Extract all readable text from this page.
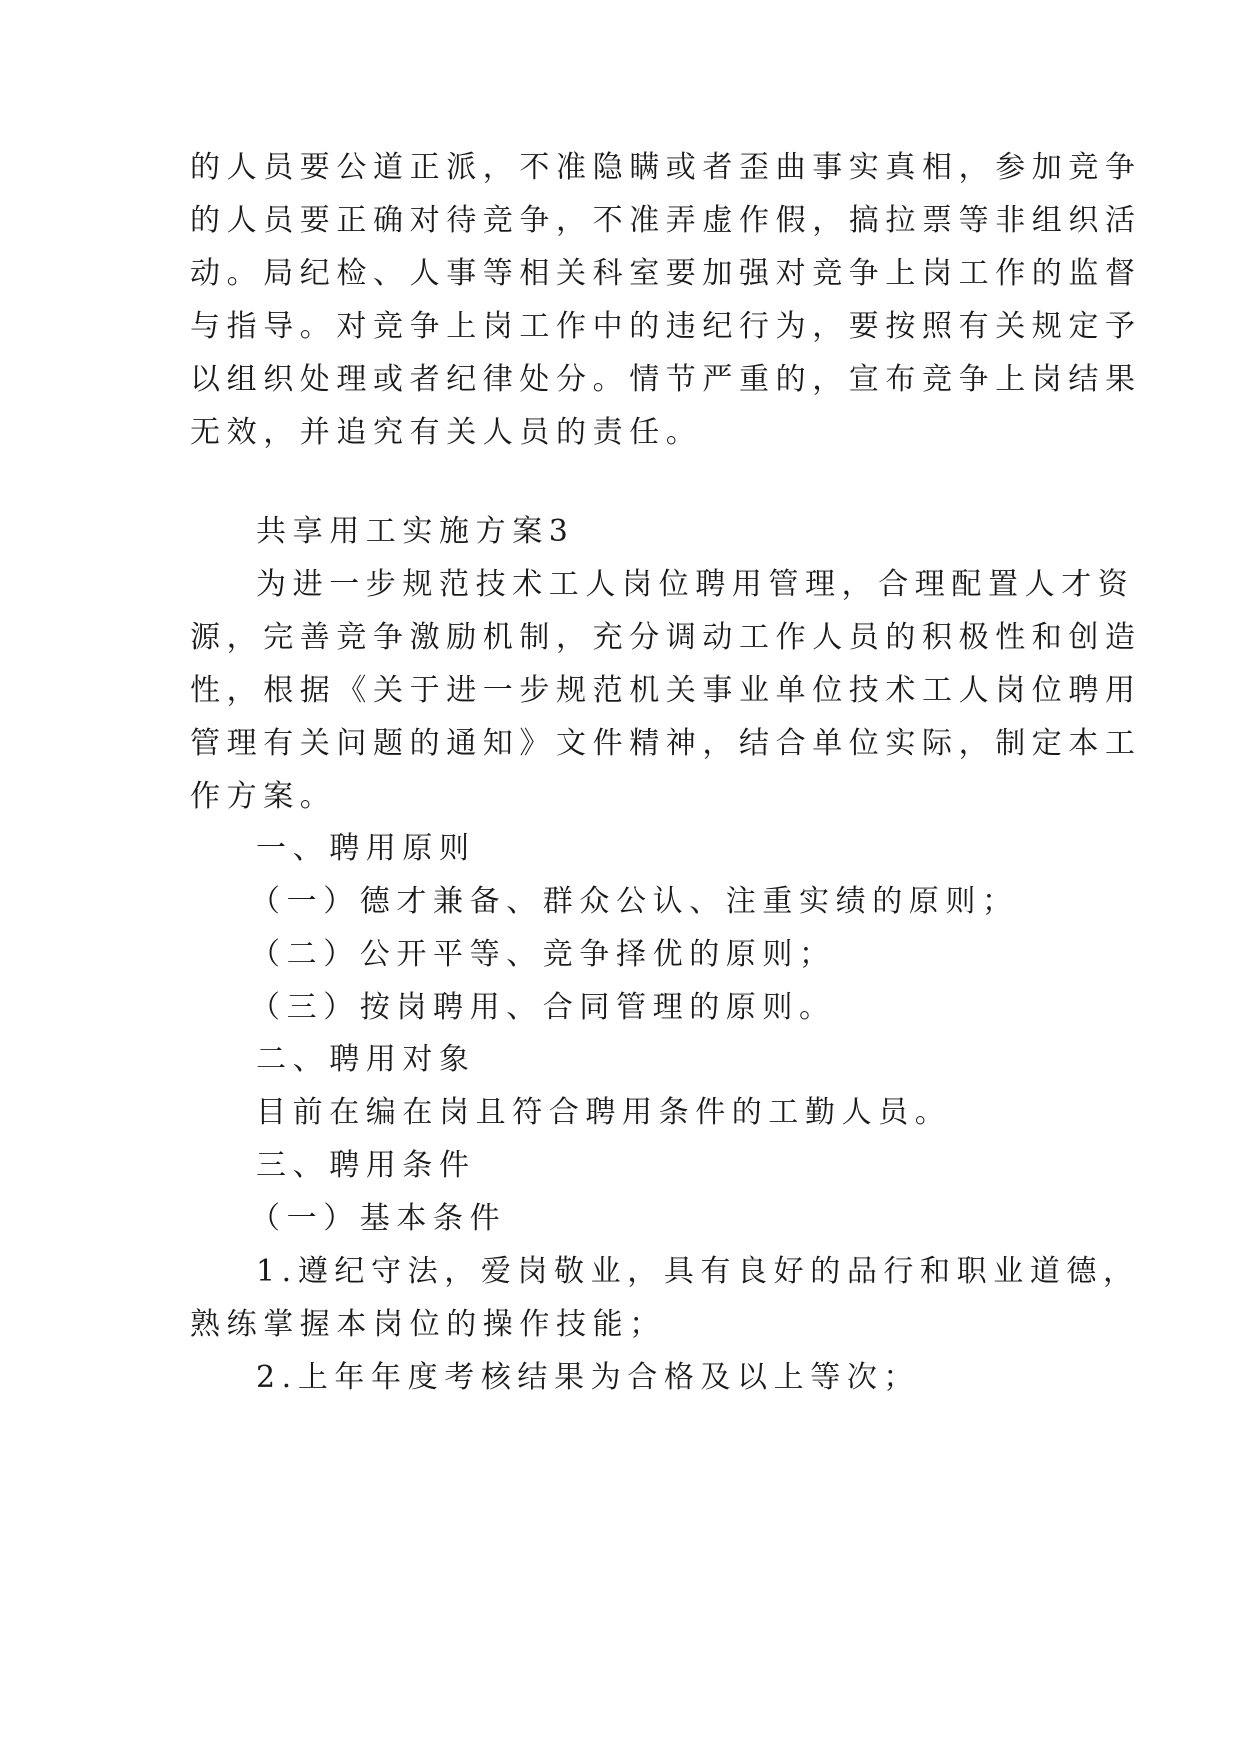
的人员要公道正派，不准隐瞒或者歪曲事实真相，参加竞争
的人员要正确对待竞争，不准弄虚作假，搞拉票等非组织活
动。局纪检、人事等相关科室要加强对竞争上岗工作的监督
与指导。对竞争上岗工作中的违纪行为，要按照有关规定予
以组织处理或者纪律处分。情节严重的，宣布竞争上岗结果
无效，并追究有关人员的责任。
共享用工实施方案3
为进一步规范技术工人岗位聘用管理，合理配置人才资
源，完善竞争激励机制，充分调动工作人员的积极性和创造
性，根据《关于进一步规范机关事业单位技术工人岗位聘用
管理有关问题的通知》文件精神，结合单位实际，制定本工
作方案。
一、聘用原则
（一）德才兼备、群众公认、注重实绩的原则；
（二）公开平等、竞争择优的原则；
（三）按岗聘用、合同管理的原则。
二、聘用对象
目前在编在岗且符合聘用条件的工勤人员。
三、聘用条件
（一）基本条件
1.遵纪守法，爱岗敬业，具有良好的品行和职业道德，
熟练掌握本岗位的操作技能；
2.上年年度考核结果为合格及以上等次；
